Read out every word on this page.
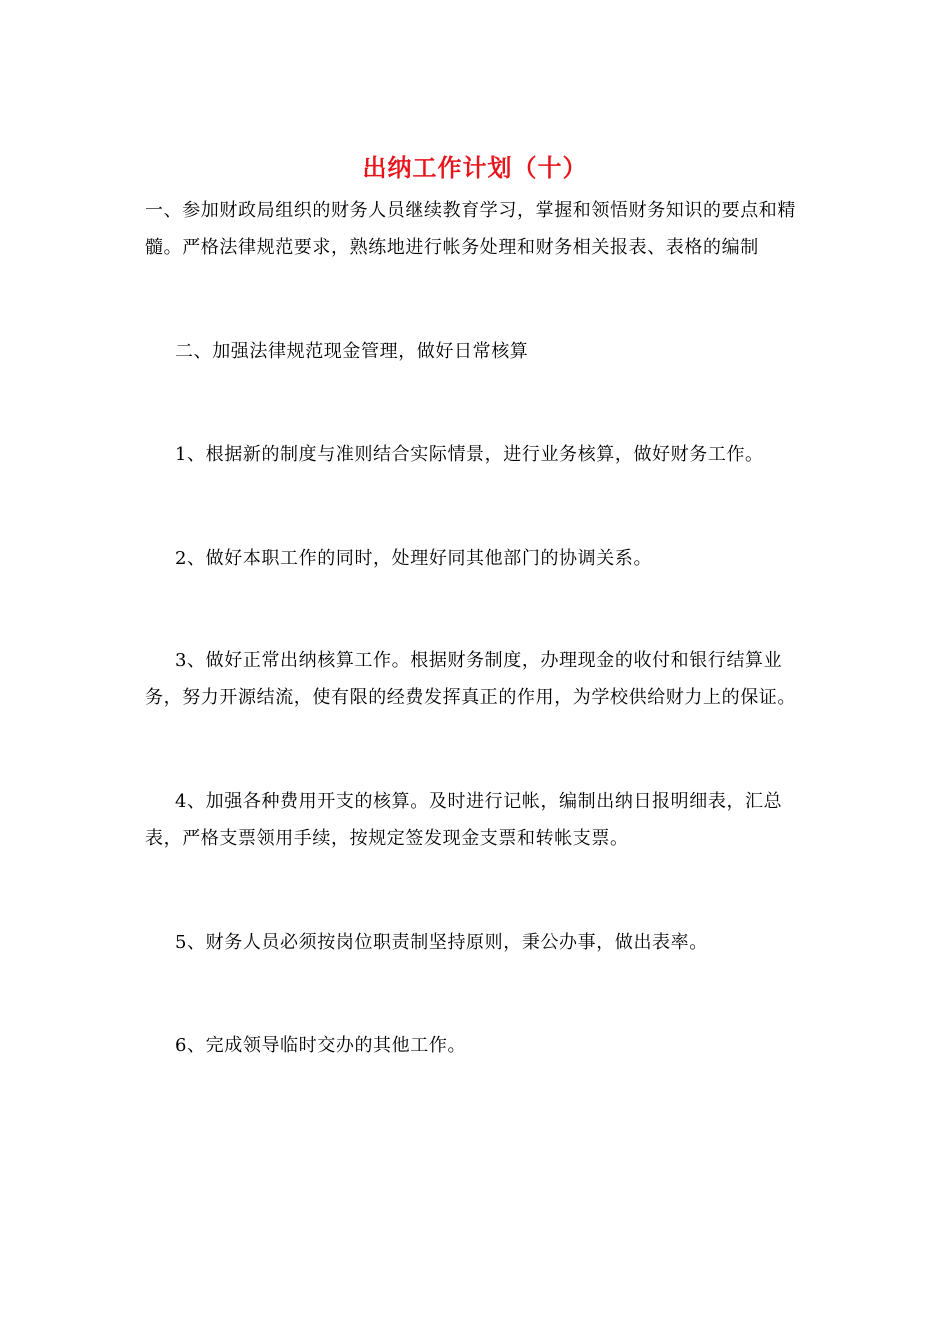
出纳工作计划（十）

一、参加财政局组织的财务人员继续教育学习，掌握和领悟财务知识的要点和精髓。严格法律规范要求，熟练地进行帐务处理和财务相关报表、表格的编制

二、加强法律规范现金管理，做好日常核算

1、根据新的制度与准则结合实际情景，进行业务核算，做好财务工作。

2、做好本职工作的同时，处理好同其他部门的协调关系。

3、做好正常出纳核算工作。根据财务制度，办理现金的收付和银行结算业务，努力开源结流，使有限的经费发挥真正的作用，为学校供给财力上的保证。

4、加强各种费用开支的核算。及时进行记帐，编制出纳日报明细表，汇总表，严格支票领用手续，按规定签发现金支票和转帐支票。

5、财务人员必须按岗位职责制坚持原则，秉公办事，做出表率。

6、完成领导临时交办的其他工作。
